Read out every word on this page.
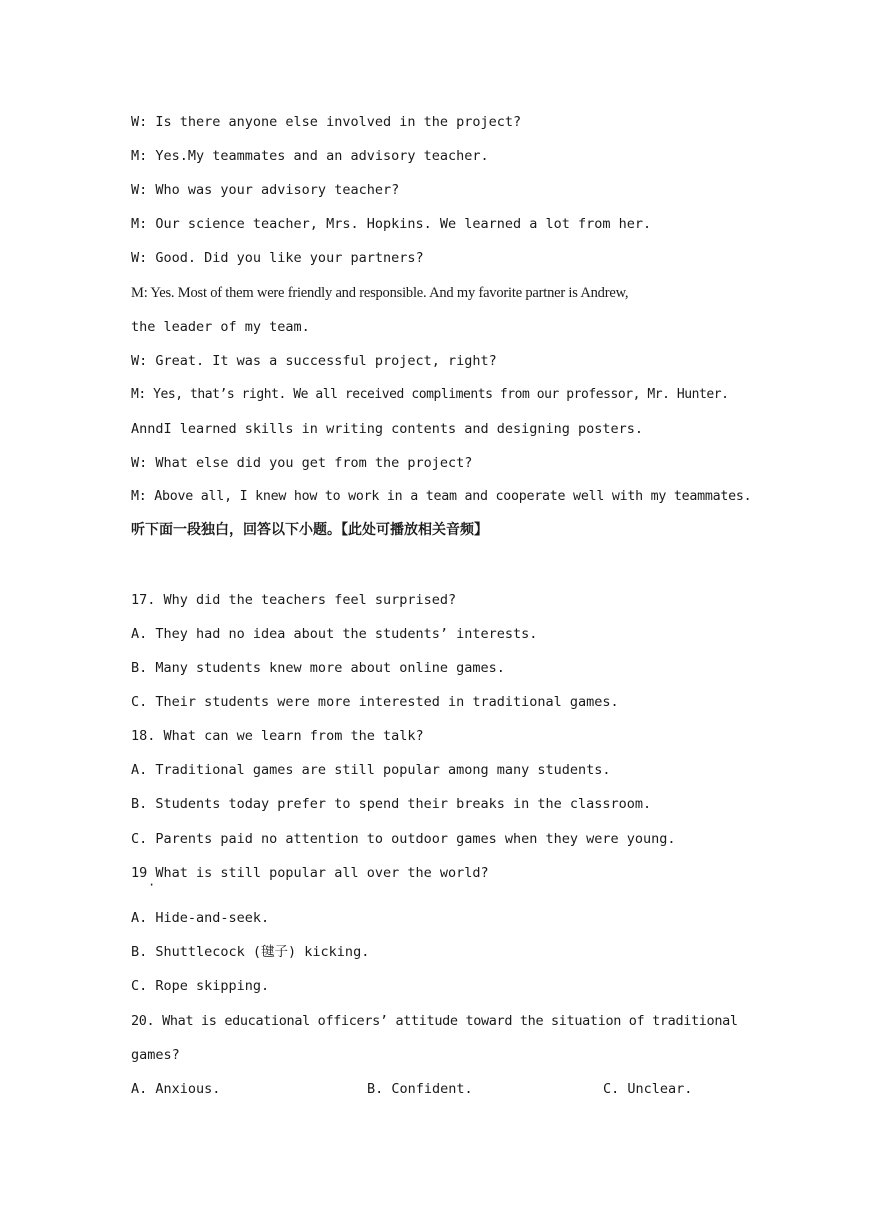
W: Is there anyone else involved in the project?
M: Yes.My teammates and an advisory teacher.
W: Who was your advisory teacher?
M: Our science teacher, Mrs. Hopkins. We learned a lot from her.
W: Good. Did you like your partners?
M: Yes. Most of them were friendly and responsible. And my favorite partner is Andrew,
the leader of my team.
W: Great. It was a successful project, right?
M: Yes, that’s right. We all received compliments from our professor, Mr. Hunter.
AnndI learned skills in writing contents and designing posters.
W: What else did you get from the project?
M: Above all, I knew how to work in a team and cooperate well with my teammates.
听下面一段独白，回答以下小题。【此处可播放相关音频】
17. Why did the teachers feel surprised?
A. They had no idea about the students’ interests.
B. Many students knew more about online games.
C. Their students were more interested in traditional games.
18. What can we learn from the talk?
A. Traditional games are still popular among many students.
B. Students today prefer to spend their breaks in the classroom.
C. Parents paid no attention to outdoor games when they were young.
19 What is still popular all over the world?
·
A. Hide-and-seek.
B. Shuttlecock (毽子) kicking.
C. Rope skipping.
20. What is educational officers’ attitude toward the situation of traditional
games?
A. Anxious.	B. Confident.	C. Unclear.
